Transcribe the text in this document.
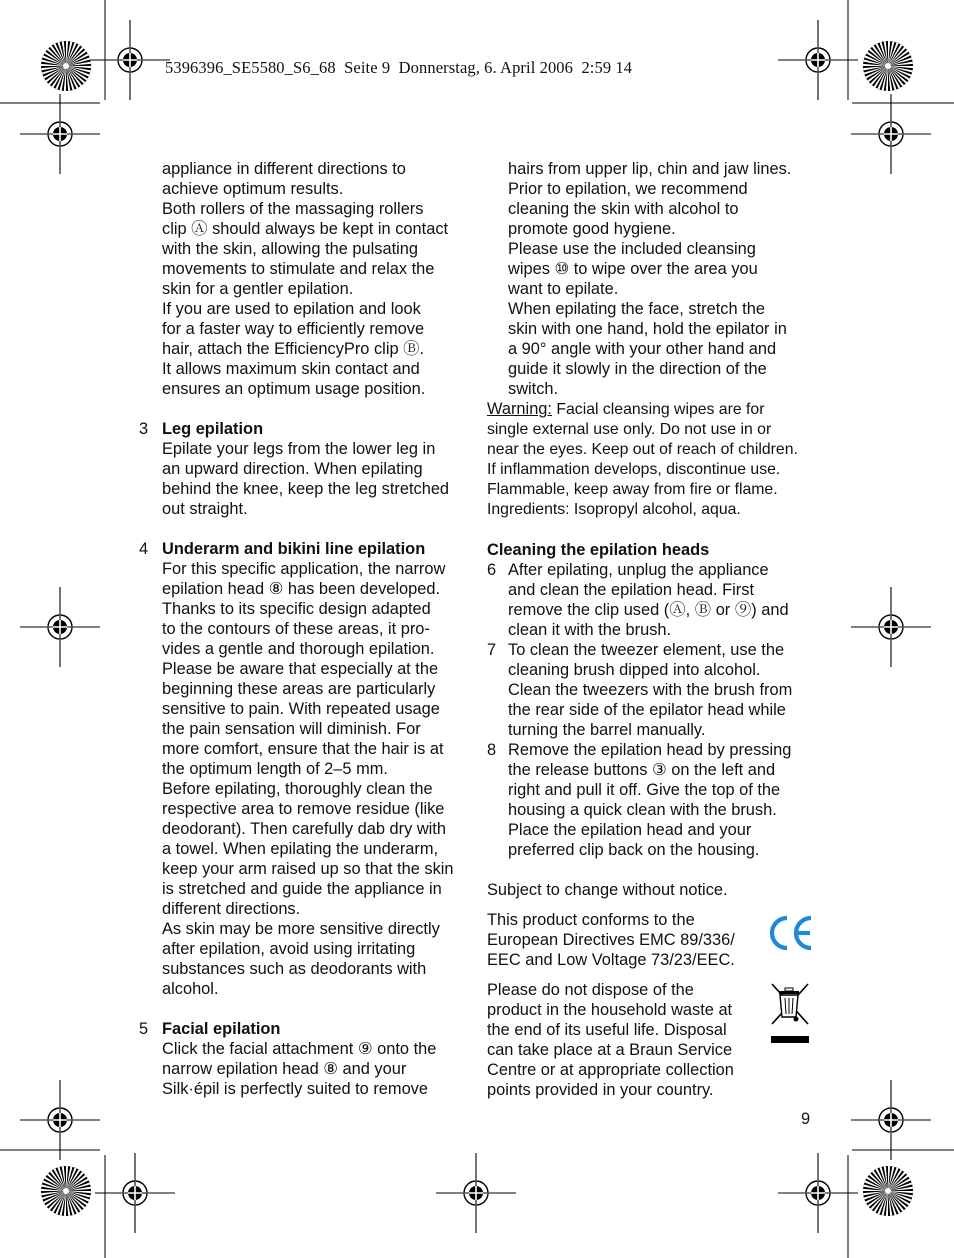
5396396_SE5580_S6_68  Seite 9  Donnerstag, 6. April 2006  2:59 14

appliance in different directions to

achieve optimum results.

Both rollers of the massaging rollers

clip Ⓐ should always be kept in contact

with the skin, allowing the pulsating

movements to stimulate and relax the

skin for a gentler epilation.

If you are used to epilation and look

for a faster way to efficiently remove

hair, attach the EfficiencyPro clip Ⓑ.

It allows maximum skin contact and

ensures an optimum usage position.

3 Leg epilation

Epilate your legs from the lower leg in

an upward direction. When epilating

behind the knee, keep the leg stretched

out straight.

4 Underarm and bikini line epilation

For this specific application, the narrow

epilation head ⑧ has been developed.

Thanks to its specific design adapted

to the contours of these areas, it pro-

vides a gentle and thorough epilation.

Please be aware that especially at the

beginning these areas are particularly

sensitive to pain. With repeated usage

the pain sensation will diminish. For

more comfort, ensure that the hair is at

the optimum length of 2–5 mm.

Before epilating, thoroughly clean the

respective area to remove residue (like

deodorant). Then carefully dab dry with

a towel. When epilating the underarm,

keep your arm raised up so that the skin

is stretched and guide the appliance in

different directions.

As skin may be more sensitive directly

after epilation, avoid using irritating

substances such as deodorants with

alcohol.

5 Facial epilation

Click the facial attachment ⑨ onto the

narrow epilation head ⑧ and your

Silk·épil is perfectly suited to remove

hairs from upper lip, chin and jaw lines.

Prior to epilation, we recommend

cleaning the skin with alcohol to

promote good hygiene.

Please use the included cleansing

wipes ⑩ to wipe over the area you

want to epilate.

When epilating the face, stretch the

skin with one hand, hold the epilator in

a 90° angle with your other hand and

guide it slowly in the direction of the

switch.

Warning: Facial cleansing wipes are for

single external use only. Do not use in or

near the eyes. Keep out of reach of children.

If inflammation develops, discontinue use.

Flammable, keep away from fire or flame.

Ingredients: Isopropyl alcohol, aqua.

Cleaning the epilation heads

6 After epilating, unplug the appliance

and clean the epilation head. First

remove the clip used (Ⓐ, Ⓑ or ⑨) and

clean it with the brush.

7 To clean the tweezer element, use the

cleaning brush dipped into alcohol.

Clean the tweezers with the brush from

the rear side of the epilator head while

turning the barrel manually.

8 Remove the epilation head by pressing

the release buttons ③ on the left and

right and pull it off. Give the top of the

housing a quick clean with the brush.

Place the epilation head and your

preferred clip back on the housing.

Subject to change without notice.

This product conforms to the

European Directives EMC 89/336/

EEC and Low Voltage 73/23/EEC.

Please do not dispose of the

product in the household waste at

the end of its useful life. Disposal

can take place at a Braun Service

Centre or at appropriate collection

points provided in your country.

9
